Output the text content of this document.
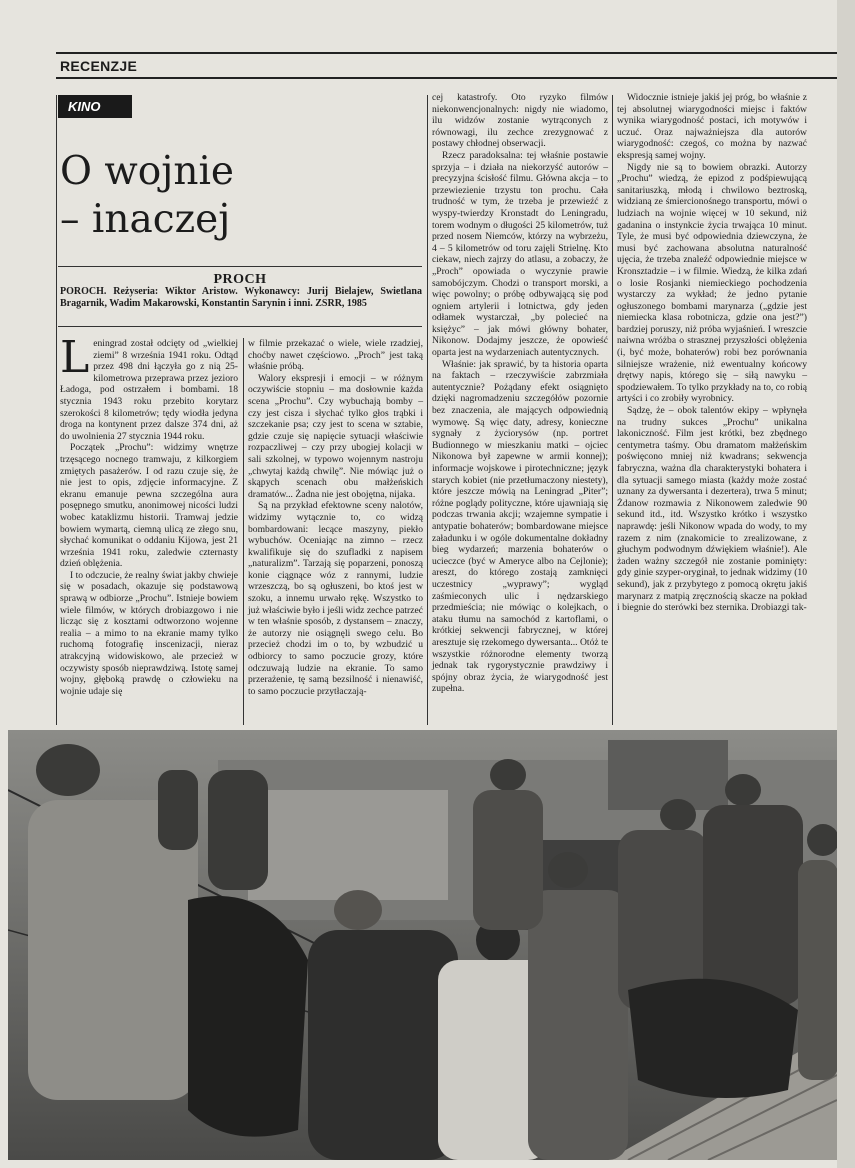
RECENZJE
KINO
O wojnie
– inaczej
PROCH
POROCH. Reżyseria: Wiktor Aristow. Wykonawcy: Jurij Bielajew, Swietlana Bragarnik, Wadim Makarowski, Konstantin Sarynin i inni. ZSRR, 1985

Leningrad został odcięty od „wielkiej ziemi” 8 września 1941 roku. Odtąd przez 498 dni łączyła go z nią 25-kilometrowa przeprawa przez jezioro Ładoga, pod ostrzałem i bombami. 18 stycznia 1943 roku przebito korytarz szerokości 8 kilometrów; tędy wiodła jedyna droga na kontynent przez dalsze 374 dni, aż do uwolnienia 27 stycznia 1944 roku.

Początek „Prochu”: widzimy wnętrze trzęsącego nocnego tramwaju, z kilkorgiem zmiętych pasażerów. I od razu czuje się, że nie jest to opis, zdjęcie informacyjne. Z ekranu emanuje pewna szczególna aura posępnego smutku, anonimowej nicości ludzi wobec kataklizmu historii. Tramwaj jedzie bowiem wymartą, ciemną ulicą ze złego snu, słychać komunikat o oddaniu Kijowa, jest 21 września 1941 roku, zaledwie czternasty dzień oblężenia.

I to odczucie, że realny świat jakby chwieje się w posadach, okazuje się podstawową sprawą w odbiorze „Prochu”. Istnieje bowiem wiele filmów, w których drobiazgowo i nie licząc się z kosztami odtworzono wojenne realia – a mimo to na ekranie mamy tylko ruchomą fotografię inscenizacji, nieraz atrakcyjną widowiskowo, ale przecież w oczywisty sposób nieprawdziwą. Istotę samej wojny, głęboką prawdę o człowieku na wojnie udaje się

w filmie przekazać o wiele, wiele rzadziej, choćby nawet częściowo. „Proch” jest taką właśnie próbą.

Walory ekspresji i emocji – w różnym oczywiście stopniu – ma dosłownie każda scena „Prochu”. Czy wybuchają bomby – czy jest cisza i słychać tylko głos trąbki i szczekanie psa; czy jest to scena w sztabie, gdzie czuje się napięcie sytuacji właściwie rozpaczliwej – czy przy ubogiej kolacji w sali szkolnej, w typowo wojennym nastroju „chwytaj każdą chwilę”. Nie mówiąc już o skąpych scenach obu małżeńskich dramatów... Żadna nie jest obojętna, nijaka.

Są na przykład efektowne sceny nalotów, widzimy wytącznie to, co widzą bombardowani: lecące maszyny, piekło wybuchów. Oceniając na zimno – rzecz kwalifikuje się do szufladki z napisem „naturalizm”. Tarzają się poparzeni, ponoszą konie ciągnące wóz z rannymi, ludzie wrzeszczą, bo są ogłuszeni, bo ktoś jest w szoku, a innemu urwało rękę. Wszystko to już właściwie było i jeśli widz zechce patrzeć w ten właśnie sposób, z dystansem – znaczy, że autorzy nie osiągnęli swego celu. Bo przecież chodzi im o to, by wzbudzić u odbiorcy to samo poczucie grozy, które odczuwają ludzie na ekranie. To samo przerażenie, tę samą bezsilność i nienawiść, to samo poczucie przytłaczają-

cej katastrofy. Oto ryzyko filmów niekonwencjonalnych: nigdy nie wiadomo, ilu widzów zostanie wytrąconych z równowagi, ilu zechce zrezygnować z postawy chłodnej obserwacji.

Rzecz paradoksalna: tej właśnie postawie sprzyja – i działa na niekorzyść autorów – precyzyjna ścisłość filmu. Główna akcja – to przewiezienie trzystu ton prochu. Cała trudność w tym, że trzeba je przewieźć z wyspy-twierdzy Kronstadt do Leningradu, torem wodnym o długości 25 kilometrów, tuż przed nosem Niemców, którzy na wybrzeżu, 4 – 5 kilometrów od toru zajęli Strielnę. Kto ciekaw, niech zajrzy do atlasu, a zobaczy, że „Proch” opowiada o wyczynie prawie samobójczym. Chodzi o transport morski, a więc powolny; o próbę odbywającą się pod ogniem artylerii i lotnictwa, gdy jeden odłamek wystarczał, „by polecieć na księżyc” – jak mówi główny bohater, Nikonow. Dodajmy jeszcze, że opowieść oparta jest na wydarzeniach autentycznych.

Właśnie: jak sprawić, by ta historia oparta na faktach – rzeczywiście zabrzmiała autentycznie? Pożądany efekt osiągnięto dzięki nagromadzeniu szczegółów pozornie bez znaczenia, ale mających odpowiednią wymowę. Są więc daty, adresy, konieczne sygnały z życiorysów (np. portret Budionnego w mieszkaniu matki – ojciec Nikonowa był zapewne w armii konnej); informacje wojskowe i pirotechniczne; język starych kobiet (nie przetłumaczony niestety), które jeszcze mówią na Leningrad „Piter”; różne poglądy polityczne, które ujawniają się podczas trwania akcji; wzajemne sympatie i antypatie bohaterów; bombardowane miejsce załadunku i w ogóle dokumentalne dokładny bieg wydarzeń; marzenia bohaterów o ucieczce (być w Ameryce albo na Cejlonie); areszt, do którego zostają zamknięci uczestnicy „wyprawy”; wygląd zaśmieconych ulic i nędzarskiego przedmieścia; nie mówiąc o kolejkach, o ataku tłumu na samochód z kartoflami, o krótkiej sekwencji fabrycznej, w której aresztuje się rzekomego dywersanta... Otóż te wszystkie różnorodne elementy tworzą jednak tak rygorystycznie prawdziwy i spójny obraz życia, że wiarygodność jest zupełna.

Widocznie istnieje jakiś jej próg, bo właśnie z tej absolutnej wiarygodności miejsc i faktów wynika wiarygodność postaci, ich motywów i uczuć. Oraz najważniejsza dla autorów wiarygodność: czegoś, co można by nazwać ekspresją samej wojny.

Nigdy nie są to bowiem obrazki. Autorzy „Prochu” wiedzą, że epizod z podśpiewującą sanitariuszką, młodą i chwilowo beztroską, widzianą ze śmiercionośnego transportu, mówi o ludziach na wojnie więcej w 10 sekund, niż gadanina o instynkcie życia trwająca 10 minut. Tyle, że musi być odpowiednia dziewczyna, że musi być zachowana absolutna naturalność ujęcia, że trzeba znaleźć odpowiednie miejsce w Kronsztadzie – i w filmie. Wiedzą, że kilka zdań o losie Rosjanki niemieckiego pochodzenia wystarczy za wykład; że jedno pytanie ogłuszonego bombami marynarza („gdzie jest niemiecka klasa robotnicza, gdzie ona jest?”) bardziej poruszy, niż próba wyjaśnień. I wreszcie naiwna wróżba o strasznej przyszłości oblężenia (i, być może, bohaterów) robi bez porównania silniejsze wrażenie, niż ewentualny końcowy drętwy napis, którego się – siłą nawyku – spodziewałem. To tylko przykłady na to, co robią artyści i co zrobiły wyrobnicy.

Sądzę, że – obok talentów ekipy – wpłynęła na trudny sukces „Prochu” unikalna lakoniczność. Film jest krótki, bez zbędnego centymetra taśmy. Obu dramatom małżeńskim poświęcono mniej niż kwadrans; sekwencja fabryczna, ważna dla charakterystyki bohatera i dla sytuacji samego miasta (każdy może zostać uznany za dywersanta i dezertera), trwa 5 minut; Żdanow rozmawia z Nikonowem zaledwie 90 sekund itd., itd. Wszystko krótko i wszystko naprawdę: jeśli Nikonow wpada do wody, to my razem z nim (znakomicie to zrealizowane, z głuchym podwodnym dźwiękiem właśnie!). Ale żaden ważny szczegół nie zostanie pominięty: gdy ginie szyper-oryginał, to jednak widzimy (10 sekund), jak z przybytego z pomocą okrętu jakiś marynarz z matpią zręcznością skacze na pokład i biegnie do sterówki bez sternika. Drobiazgi tak-
